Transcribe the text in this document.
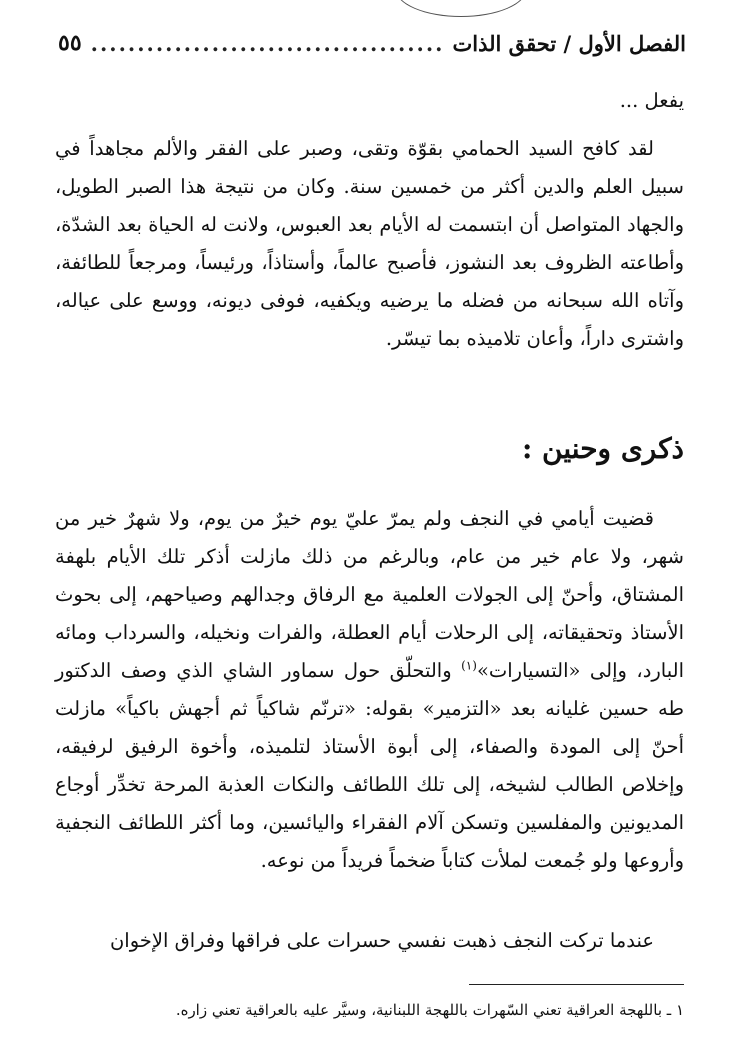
الفصل الأول / تحقق الذات
.....
٥٥

يفعل ...

لقد كافح السيد الحمامي بقوّة وتقى، وصبر على الفقر والألم مجاهداً في سبيل العلم والدين أكثر من خمسين سنة. وكان من نتيجة هذا الصبر الطويل، والجهاد المتواصل أن ابتسمت له الأيام بعد العبوس، ولانت له الحياة بعد الشدّة، وأطاعته الظروف بعد النشوز، فأصبح عالماً، وأستاذاً، ورئيساً، ومرجعاً للطائفة، وآتاه الله سبحانه من فضله ما يرضيه ويكفيه، فوفى ديونه، ووسع على عياله، واشترى داراً، وأعان تلاميذه بما تيسّر.

ذكرى وحنين :

قضيت أيامي في النجف ولم يمرّ عليّ يوم خيرٌ من يوم، ولا شهرٌ خير من شهر، ولا عام خير من عام، وبالرغم من ذلك مازلت أذكر تلك الأيام بلهفة المشتاق، وأحنّ إلى الجولات العلمية مع الرفاق وجدالهم وصياحهم، إلى بحوث الأستاذ وتحقيقاته، إلى الرحلات أيام العطلة، والفرات ونخيله، والسرداب ومائه البارد، وإلى «التسيارات»$^{(١)}$ والتحلّق حول سماور الشاي الذي وصف الدكتور طه حسين غليانه بعد «التزمير» بقوله: «ترنّم شاكياً ثم أجهش باكياً» مازلت أحنّ إلى المودة والصفاء، إلى أبوة الأستاذ لتلميذه، وأخوة الرفيق لرفيقه، وإخلاص الطالب لشيخه، إلى تلك اللطائف والنكات العذبة المرحة تخدِّر أوجاع المديونين والمفلسين وتسكن آلام الفقراء واليائسين، وما أكثر اللطائف النجفية وأروعها ولو جُمعت لملأت كتاباً ضخماً فريداً من نوعه.

عندما تركت النجف ذهبت نفسي حسرات على فراقها وفراق الإخوان

١ ـ باللهجة العراقية تعني السّهرات باللهجة اللبنانية، وسيَّر عليه بالعراقية تعني زاره.
